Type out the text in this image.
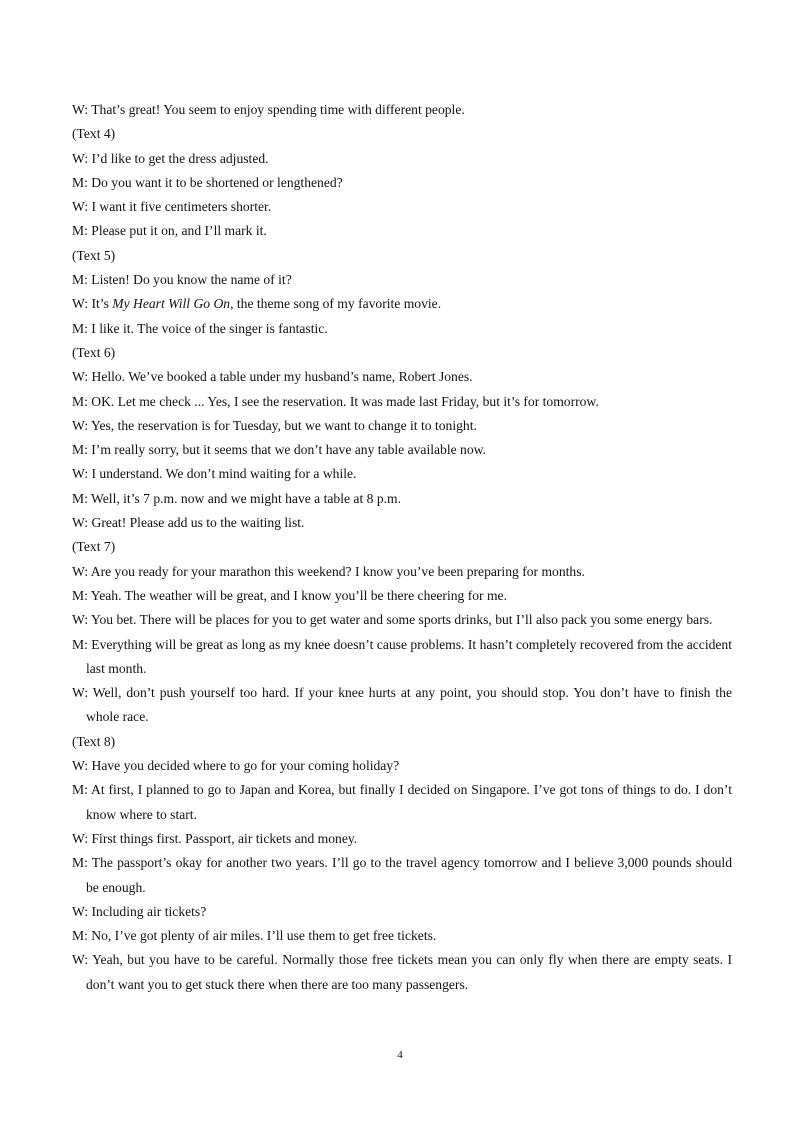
W: That’s great! You seem to enjoy spending time with different people.
(Text 4)
W: I’d like to get the dress adjusted.
M: Do you want it to be shortened or lengthened?
W: I want it five centimeters shorter.
M: Please put it on, and I’ll mark it.
(Text 5)
M: Listen! Do you know the name of it?
W: It’s My Heart Will Go On, the theme song of my favorite movie.
M: I like it. The voice of the singer is fantastic.
(Text 6)
W: Hello. We’ve booked a table under my husband’s name, Robert Jones.
M: OK. Let me check ... Yes, I see the reservation. It was made last Friday, but it’s for tomorrow.
W: Yes, the reservation is for Tuesday, but we want to change it to tonight.
M: I’m really sorry, but it seems that we don’t have any table available now.
W: I understand. We don’t mind waiting for a while.
M: Well, it’s 7 p.m. now and we might have a table at 8 p.m.
W: Great! Please add us to the waiting list.
(Text 7)
W: Are you ready for your marathon this weekend? I know you’ve been preparing for months.
M: Yeah. The weather will be great, and I know you’ll be there cheering for me.
W: You bet. There will be places for you to get water and some sports drinks, but I’ll also pack you some energy bars.
M: Everything will be great as long as my knee doesn’t cause problems. It hasn’t completely recovered from the accident last month.
W: Well, don’t push yourself too hard. If your knee hurts at any point, you should stop. You don’t have to finish the whole race.
(Text 8)
W: Have you decided where to go for your coming holiday?
M: At first, I planned to go to Japan and Korea, but finally I decided on Singapore. I’ve got tons of things to do. I don’t know where to start.
W: First things first. Passport, air tickets and money.
M: The passport’s okay for another two years. I’ll go to the travel agency tomorrow and I believe 3,000 pounds should be enough.
W: Including air tickets?
M: No, I’ve got plenty of air miles. I’ll use them to get free tickets.
W: Yeah, but you have to be careful. Normally those free tickets mean you can only fly when there are empty seats. I don’t want you to get stuck there when there are too many passengers.
4
